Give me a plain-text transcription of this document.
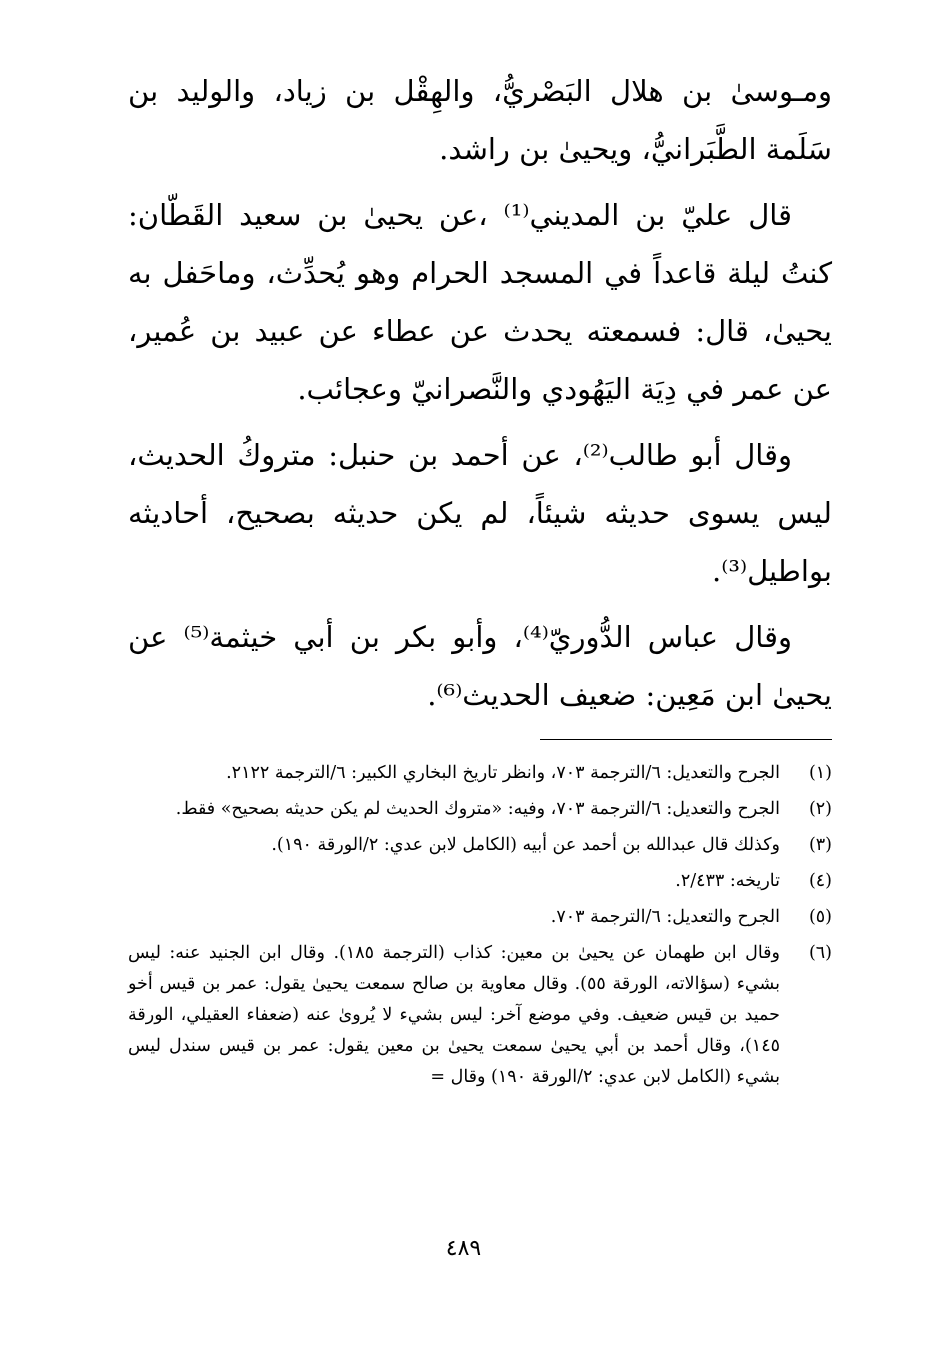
ومـوسىٰ بن هلال البَصْريُّ، والهِقْل بن زياد، والوليد بن سَلَمة الطَّبَرانيُّ، ويحيىٰ بن راشد.

قال عليّ بن المديني⁽¹⁾ ،عن يحيىٰ بن سعيد القَطّان: كنتُ ليلة قاعداً في المسجد الحرام وهو يُحدِّث، وماحَفل به يحيىٰ، قال: فسمعته يحدث عن عطاء عن عبيد بن عُمير، عن عمر في دِيَة اليَهُودي والنَّصرانيّ وعجائب.

وقال أبو طالب⁽²⁾، عن أحمد بن حنبل: متروكُ الحديث، ليس يسوى حديثه شيئاً، لم يكن حديثه بصحيح، أحاديثه بواطيل⁽³⁾.

وقال عباس الدُّوريّ⁽⁴⁾، وأبو بكر بن أبي خيثمة⁽⁵⁾ عن يحيىٰ ابن مَعِين: ضعيف الحديث⁽⁶⁾.

(١)
الجرح والتعديل: ٦/الترجمة ٧٠٣، وانظر تاريخ البخاري الكبير: ٦/الترجمة ٢١٢٢.
(٢)
الجرح والتعديل: ٦/الترجمة ٧٠٣، وفيه: «متروك الحديث لم يكن حديثه بصحيح» فقط.
(٣)
وكذلك قال عبدالله بن أحمد عن أبيه (الكامل لابن عدي: ٢/الورقة ١٩٠).
(٤)
تاريخه: ٢/٤٣٣.
(٥)
الجرح والتعديل: ٦/الترجمة ٧٠٣.
(٦)
وقال ابن طهمان عن يحيىٰ بن معين: كذاب (الترجمة ١٨٥). وقال ابن الجنيد عنه: ليس بشيء (سؤالاته، الورقة ٥٥). وقال معاوية بن صالح سمعت يحيىٰ يقول: عمر بن قيس أخو حميد بن قيس ضعيف. وفي موضع آخر: ليس بشيء لا يُروىٰ عنه (ضعفاء العقيلي، الورقة ١٤٥)، وقال أحمد بن أبي يحيىٰ سمعت يحيىٰ بن معين يقول: عمر بن قيس سندل ليس بشيء (الكامل لابن عدي: ٢/الورقة ١٩٠) وقال =
٤٨٩
